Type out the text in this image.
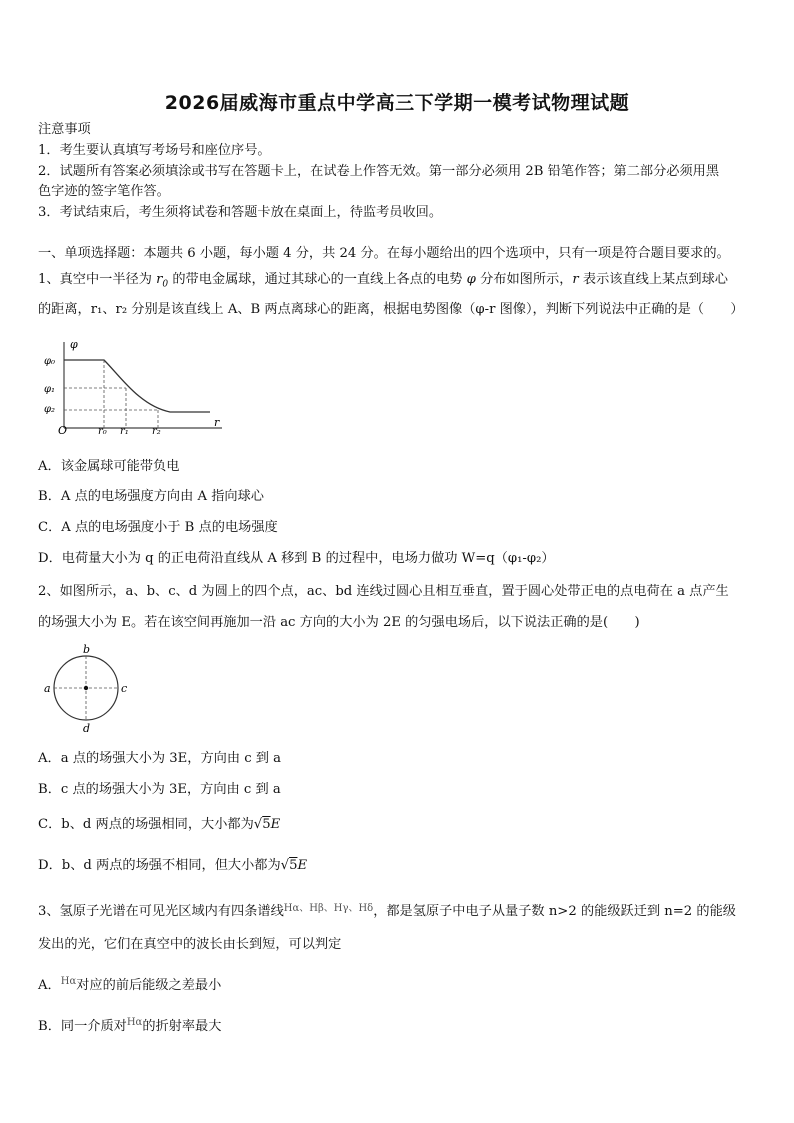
2026届威海市重点中学高三下学期一模考试物理试题
注意事项
1．考生要认真填写考场号和座位序号。
2．试题所有答案必须填涂或书写在答题卡上，在试卷上作答无效。第一部分必须用 2B 铅笔作答；第二部分必须用黑
色字迹的签字笔作答。
3．考试结束后，考生须将试卷和答题卡放在桌面上，待监考员收回。
一、单项选择题：本题共 6 小题，每小题 4 分，共 24 分。在每小题给出的四个选项中，只有一项是符合题目要求的。
1、真空中一半径为 $r_0$ 的带电金属球，通过其球心的一直线上各点的电势 φ 分布如图所示，r 表示该直线上某点到球心
的距离，r₁、r₂ 分别是该直线上 A、B 两点离球心的距离，根据电势图像（φ-r 图像），判断下列说法中正确的是（　　）
φ
φ₀
φ₁
φ₂
O	r₀ r₁ r₂
r
A．该金属球可能带负电
B．A 点的电场强度方向由 A 指向球心
C．A 点的电场强度小于 B 点的电场强度
D．电荷量大小为 q 的正电荷沿直线从 A 移到 B 的过程中，电场力做功 W=q（φ₁-φ₂）
2、如图所示，a、b、c、d 为圆上的四个点，ac、bd 连线过圆心且相互垂直，置于圆心处带正电的点电荷在 a 点产生
的场强大小为 E。若在该空间再施加一沿 ac 方向的大小为 2E 的匀强电场后，以下说法正确的是(　　)
a
b
c
d
A．a 点的场强大小为 3E，方向由 c 到 a
B．c 点的场强大小为 3E，方向由 c 到 a
C．b、d 两点的场强相同，大小都为√5E
D．b、d 两点的场强不相同，但大小都为√5E
3、氢原子光谱在可见光区域内有四条谱线$^{H\alpha、H\beta、H\gamma、H\delta}$，都是氢原子中电子从量子数 n>2 的能级跃迁到 n=2 的能级
发出的光，它们在真空中的波长由长到短，可以判定
A．$^{H\alpha}$对应的前后能级之差最小
B．同一介质对$^{H\alpha}$的折射率最大
